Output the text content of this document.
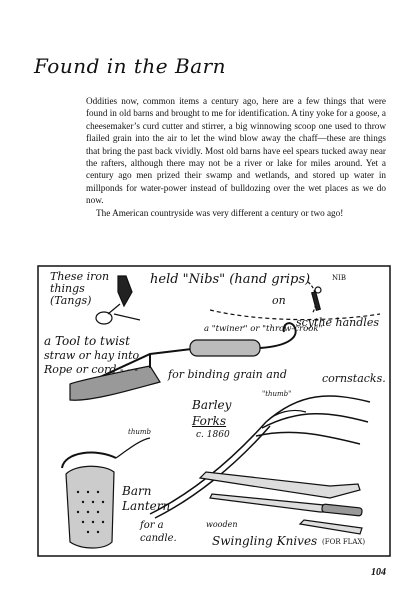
Found in the Barn

Oddities now, common items a century ago, here are a few things that were found in old barns and brought to me for identification. A tiny yoke for a goose, a cheesemaker’s curd cutter and stirrer, a big winnowing scoop one used to throw flailed grain into the air to let the wind blow away the chaff—these are things that bring the past back vividly. Most old barns have eel spears tucked away near the rafters, although there may not be a river or lake for miles around. Yet a century ago men prized their swamp and wetlands, and stored up water in millponds for water-power instead of bulldozing over the wet places as we do now.

The American countryside was very different a century or two ago!

These iron
things
(Tangs)
held "Nibs" (hand grips)	NIB
on
scythe handles
a "twiner" or "throw-crook"
a Tool to twist
straw or hay into
Rope or cord - - -	for binding grain and	cornstacks.
Barley
Forks
c. 1860
"thumb"
thumb
Barn
Lantern
for a
candle.
wooden
Swingling Knives (FOR FLAX)
104
